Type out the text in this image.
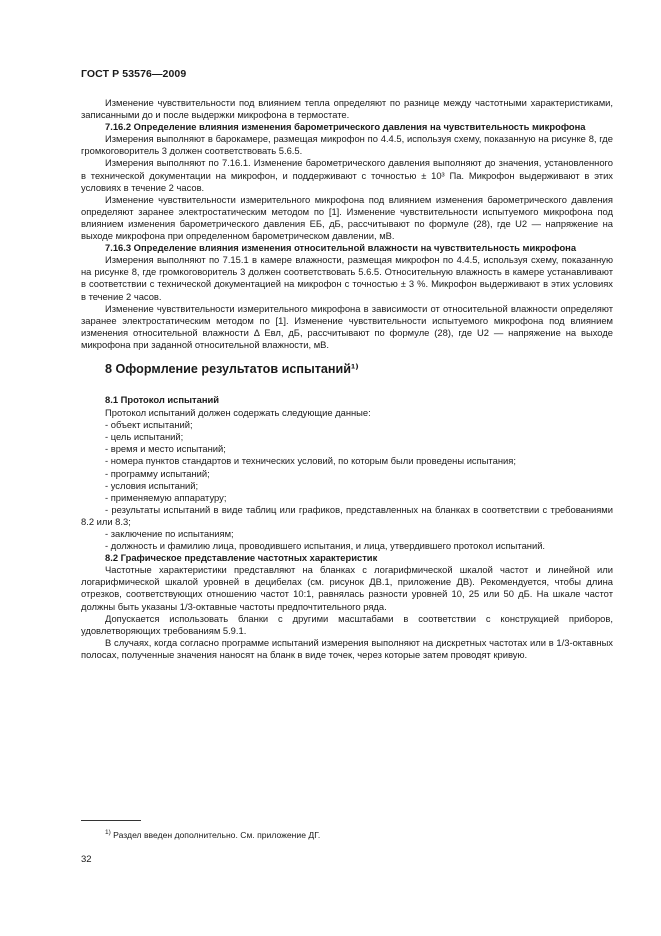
ГОСТ Р 53576—2009

Изменение чувствительности под влиянием тепла определяют по разнице между частотными характеристиками, записанными до и после выдержки микрофона в термостате.

7.16.2 Определение влияния изменения барометрического давления на чувствительность микрофона

Измерения выполняют в барокамере, размещая микрофон по 4.4.5, используя схему, показанную на рисунке 8, где громкоговоритель 3 должен соответствовать 5.6.5.

Измерения выполняют по 7.16.1. Изменение барометрического давления выполняют до значения, установленного в технической документации на микрофон, и поддерживают с точностью ± 10³ Па. Микрофон выдерживают в этих условиях в течение 2 часов.

Изменение чувствительности измерительного микрофона под влиянием изменения барометрического давления определяют заранее электростатическим методом по [1]. Изменение чувствительности испытуемого микрофона под влиянием изменения барометрического давления EБ, дБ, рассчитывают по формуле (28), где U2 — напряжение на выходе микрофона при определенном барометрическом давлении, мВ.

7.16.3 Определение влияния изменения относительной влажности на чувствительность микрофона

Измерения выполняют по 7.15.1 в камере влажности, размещая микрофон по 4.4.5, используя схему, показанную на рисунке 8, где громкоговоритель 3 должен соответствовать 5.6.5. Относительную влажность в камере устанавливают в соответствии с технической документацией на микрофон с точностью ± 3 %. Микрофон выдерживают в этих условиях в течение 2 часов.

Изменение чувствительности измерительного микрофона в зависимости от относительной влажности определяют заранее электростатическим методом по [1]. Изменение чувствительности испытуемого микрофона под влиянием изменения относительной влажности Δ Eвл, дБ, рассчитывают по формуле (28), где U2 — напряжение на выходе микрофона при заданной относительной влажности, мВ.

8 Оформление результатов испытаний¹⁾

8.1 Протокол испытаний

Протокол испытаний должен содержать следующие данные:

- объект испытаний;

- цель испытаний;

- время и место испытаний;

- номера пунктов стандартов и технических условий, по которым были проведены испытания;

- программу испытаний;

- условия испытаний;

- применяемую аппаратуру;

- результаты испытаний в виде таблиц или графиков, представленных на бланках в соответствии с требованиями 8.2 или 8.3;

- заключение по испытаниям;

- должность и фамилию лица, проводившего испытания, и лица, утвердившего протокол испытаний.

8.2 Графическое представление частотных характеристик

Частотные характеристики представляют на бланках с логарифмической шкалой частот и линейной или логарифмической шкалой уровней в децибелах (см. рисунок ДВ.1, приложение ДВ). Рекомендуется, чтобы длина отрезков, соответствующих отношению частот 10:1, равнялась разности уровней 10, 25 или 50 дБ. На шкале частот должны быть указаны 1/3-октавные частоты предпочтительного ряда.

Допускается использовать бланки с другими масштабами в соответствии с конструкцией приборов, удовлетворяющих требованиям 5.9.1.

В случаях, когда согласно программе испытаний измерения выполняют на дискретных частотах или в 1/3-октавных полосах, полученные значения наносят на бланк в виде точек, через которые затем проводят кривую.

$^{1)}$ Раздел введен дополнительно. См. приложение ДГ.
32
